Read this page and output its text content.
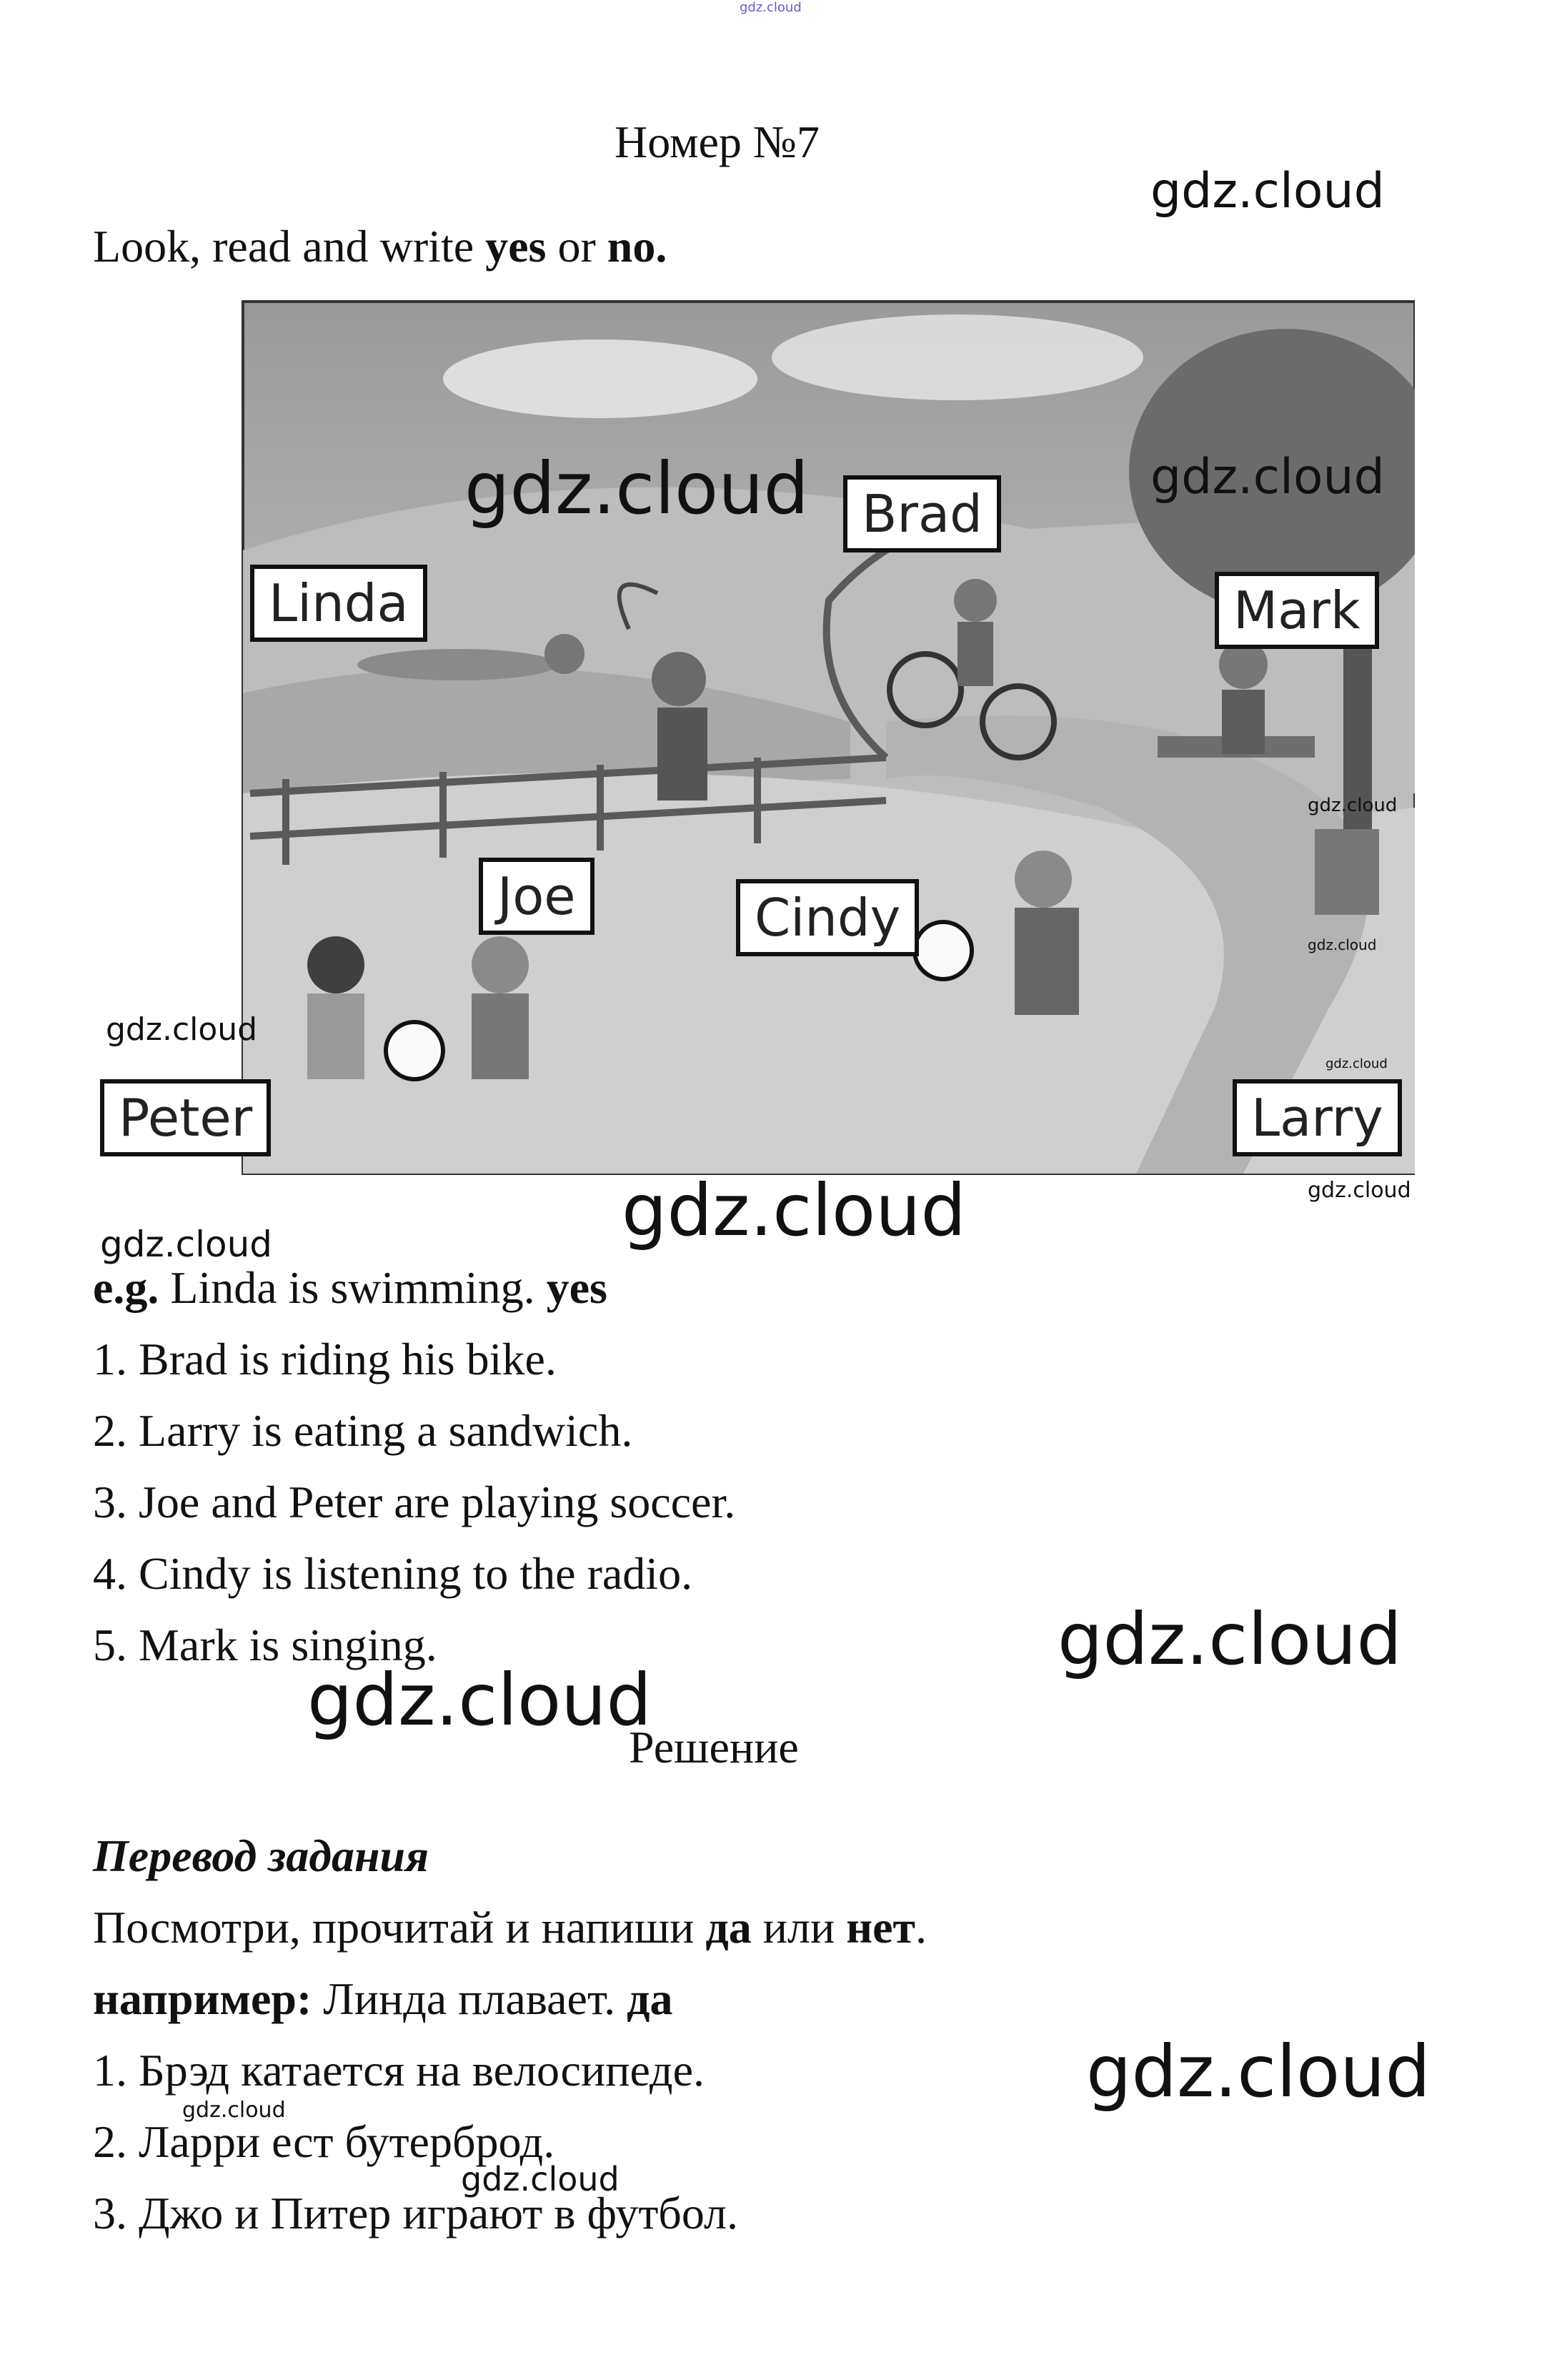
gdz.cloud
Номер №7
gdz.cloud
Look, read and write yes or no.
Brad
Linda	Mark
Joe	Cindy
Peter	Larry
gdz.cloud	gdz.cloud
gdz.cloud
gdz.cloud
gdz.cloud
gdz.cloud
gdz.cloud	gdz.cloud
gdz.cloud
e.g. Linda is swimming. yes
1. Brad is riding his bike.
2. Larry is eating a sandwich.
3. Joe and Peter are playing soccer.
4. Cindy is listening to the radio.
5. Mark is singing.	gdz.cloud
gdz.cloud
Решение
Перевод задания
Посмотри, прочитай и напиши да или нет.
например: Линда плавает. да
1. Брэд катается на велосипеде.
2. Ларри ест бутерброд.
3. Джо и Питер играют в футбол.
gdz.cloud
gdz.cloud
gdz.cloud
